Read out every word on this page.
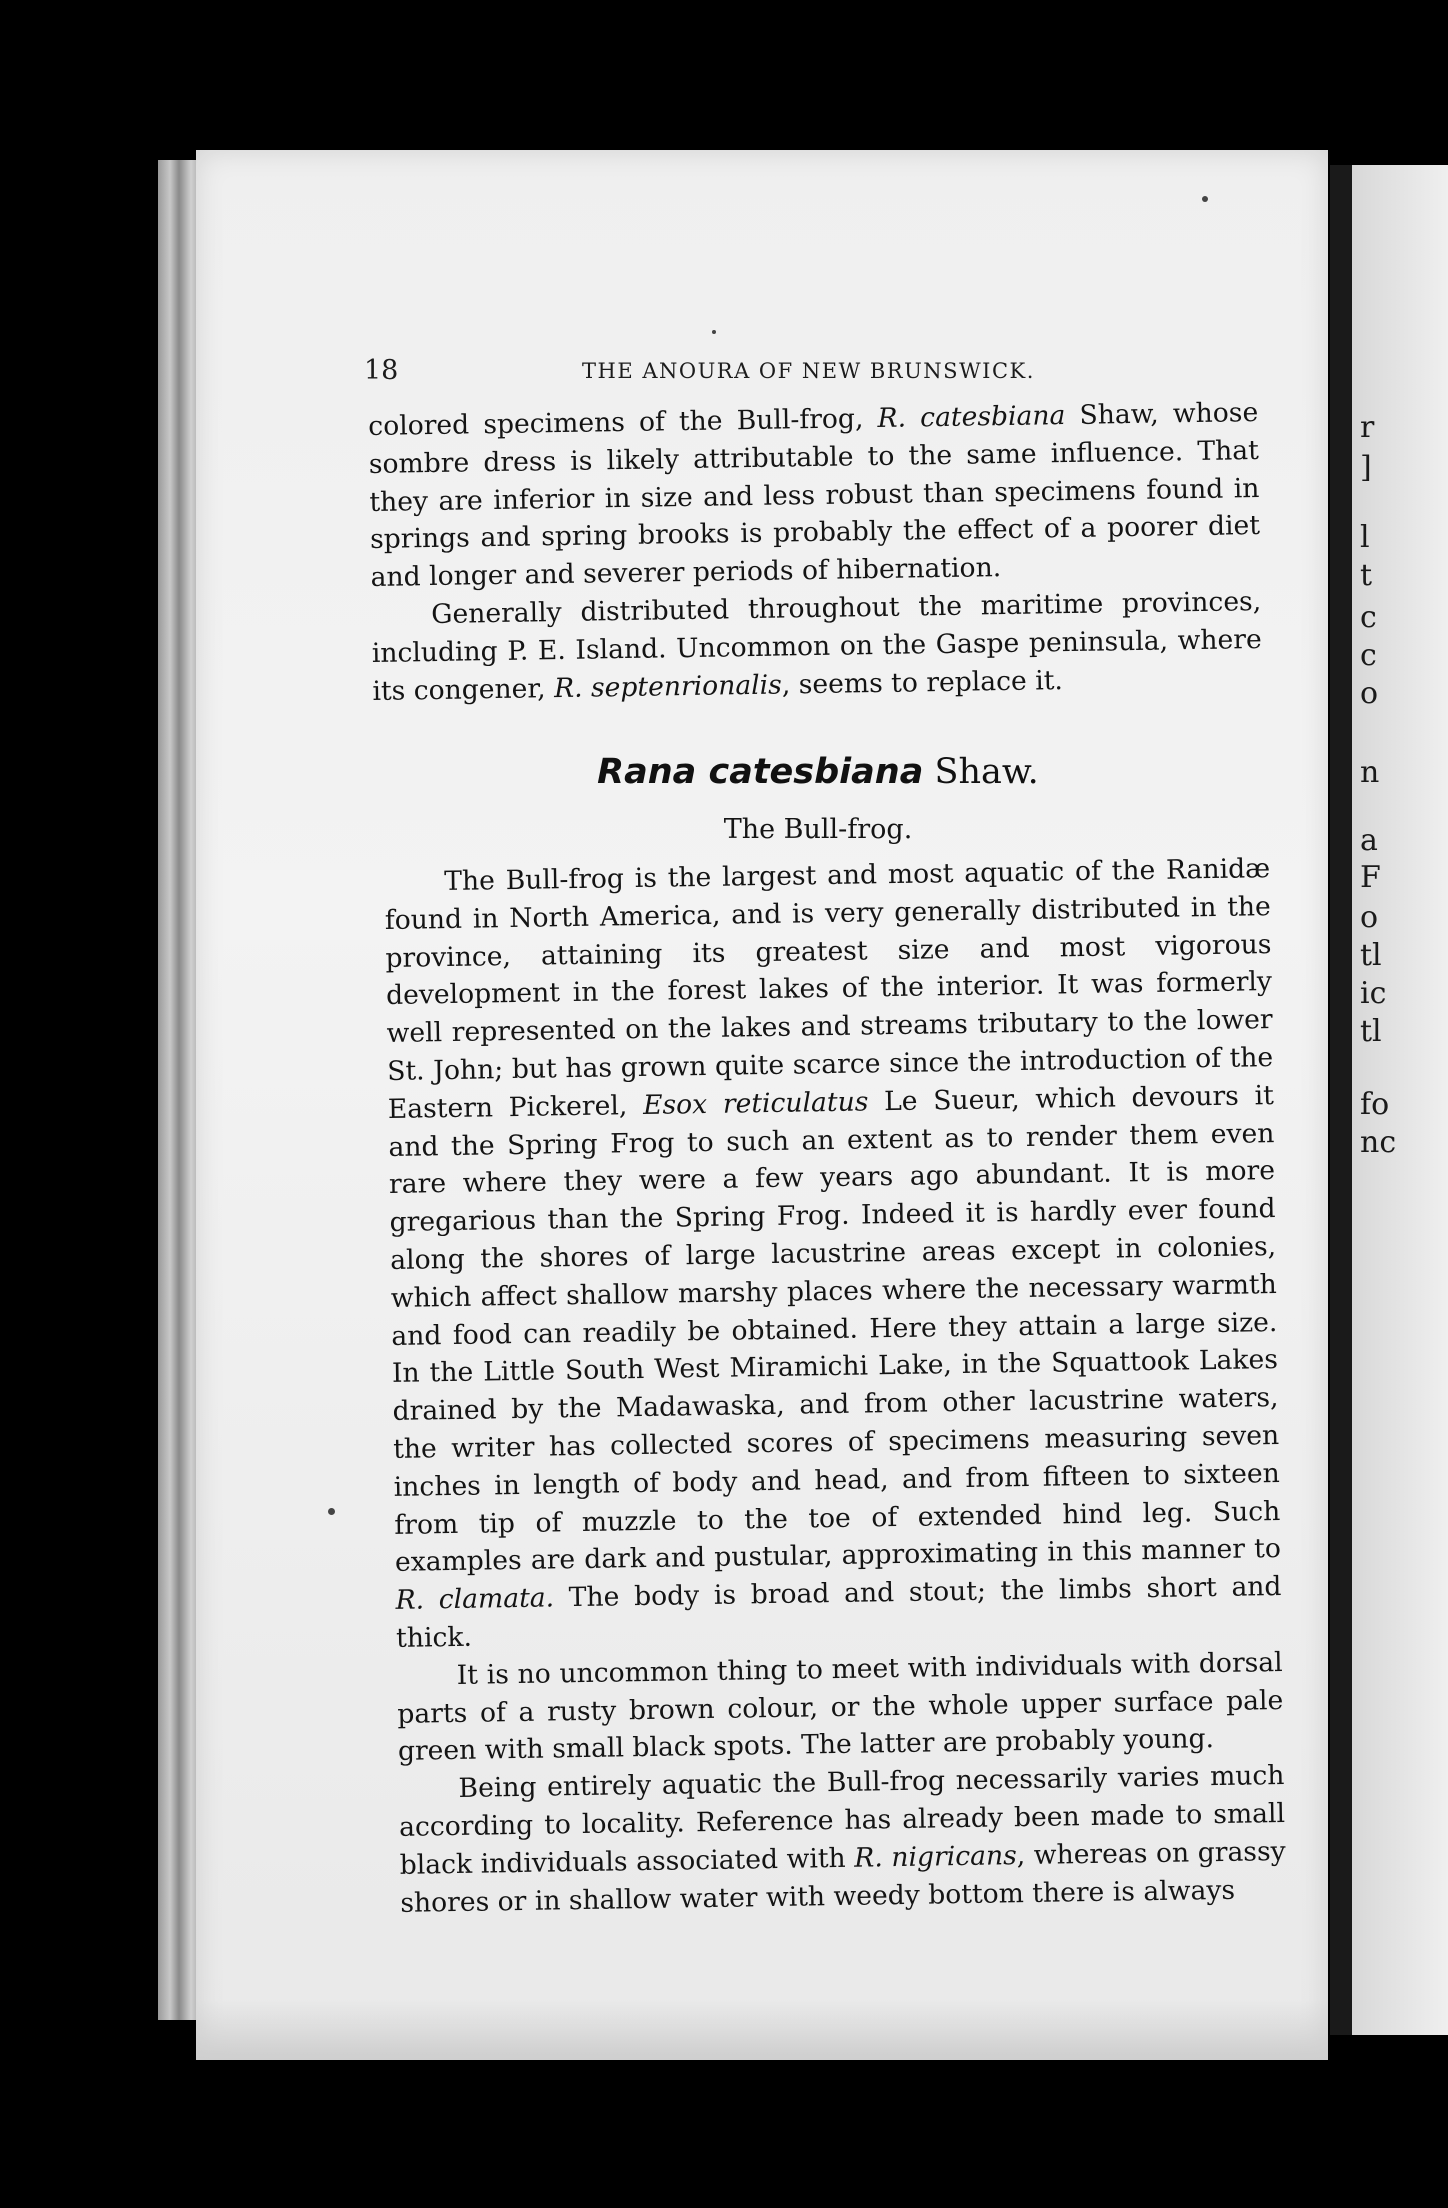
r
]
l
t
c
c
o
n
a
F
o
tl
ic
tl
fo
nc
18	THE ANOURA OF NEW BRUNSWICK.

colored specimens of the Bull-frog, R. catesbiana Shaw, whose sombre dress is likely attributable to the same influence. That they are inferior in size and less robust than specimens found in springs and spring brooks is probably the effect of a poorer diet and longer and severer periods of hibernation.

Generally distributed throughout the maritime provinces, including P. E. Island. Uncommon on the Gaspe peninsula, where its congener, R. septenrionalis, seems to replace it.

Rana catesbiana Shaw.
The Bull-frog.

The Bull-frog is the largest and most aquatic of the Ranidæ found in North America, and is very generally distributed in the province, attaining its greatest size and most vigorous development in the forest lakes of the interior. It was formerly well represented on the lakes and streams tributary to the lower St. John; but has grown quite scarce since the introduction of the Eastern Pickerel, Esox reticulatus Le Sueur, which devours it and the Spring Frog to such an extent as to render them even rare where they were a few years ago abundant. It is more gregarious than the Spring Frog. Indeed it is hardly ever found along the shores of large lacustrine areas except in colonies, which affect shallow marshy places where the necessary warmth and food can readily be obtained. Here they attain a large size. In the Little South West Miramichi Lake, in the Squattook Lakes drained by the Madawaska, and from other lacustrine waters, the writer has collected scores of specimens measuring seven inches in length of body and head, and from fifteen to sixteen from tip of muzzle to the toe of extended hind leg. Such examples are dark and pustular, approximating in this manner to R. clamata. The body is broad and stout; the limbs short and thick.

It is no uncommon thing to meet with individuals with dorsal parts of a rusty brown colour, or the whole upper surface pale green with small black spots. The latter are probably young.

Being entirely aquatic the Bull-frog necessarily varies much according to locality. Reference has already been made to small black individuals associated with R. nigricans, whereas on grassy shores or in shallow water with weedy bottom there is always
